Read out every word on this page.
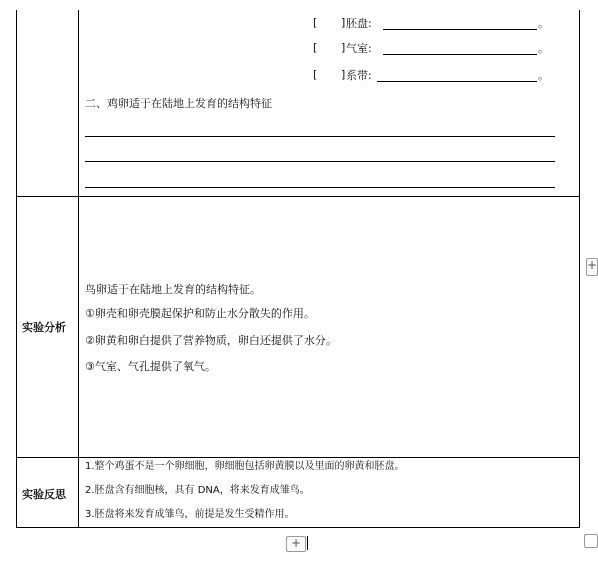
[ ] 胚盘:	。
[ ] 气室:	。
[ ] 系带:	。
二、鸡卵适于在陆地上发育的结构特征
实验分析
鸟卵适于在陆地上发育的结构特征。
①卵壳和卵壳膜起保护和防止水分散失的作用。
②卵黄和卵白提供了营养物质，卵白还提供了水分。
③气室、气孔提供了氧气。
实验反思
1.整个鸡蛋不是一个卵细胞，卵细胞包括卵黄膜以及里面的卵黄和胚盘。
2.胚盘含有细胞核，具有 DNA，将来发育成雏鸟。
3.胚盘将来发育成雏鸟，前提是发生受精作用。
+
+
